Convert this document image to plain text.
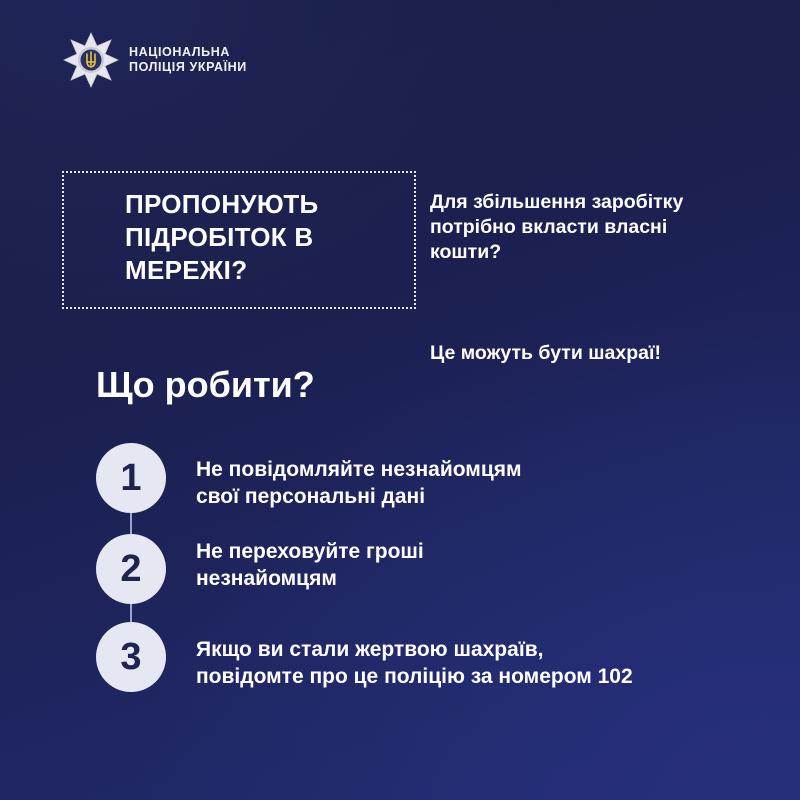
НАЦІОНАЛЬНА
ПОЛІЦІЯ УКРАЇНИ
ПРОПОНУЮТЬ
ПІДРОБІТОК В
МЕРЕЖІ?
Для збільшення заробітку
потрібно вкласти власні
кошти?
Це можуть бути шахраї!
Що робити?
1	Не повідомляйте незнайомцям
свої персональні дані
2	Не переховуйте гроші
незнайомцям
3	Якщо ви стали жертвою шахраїв,
повідомте про це поліцію за номером 102
